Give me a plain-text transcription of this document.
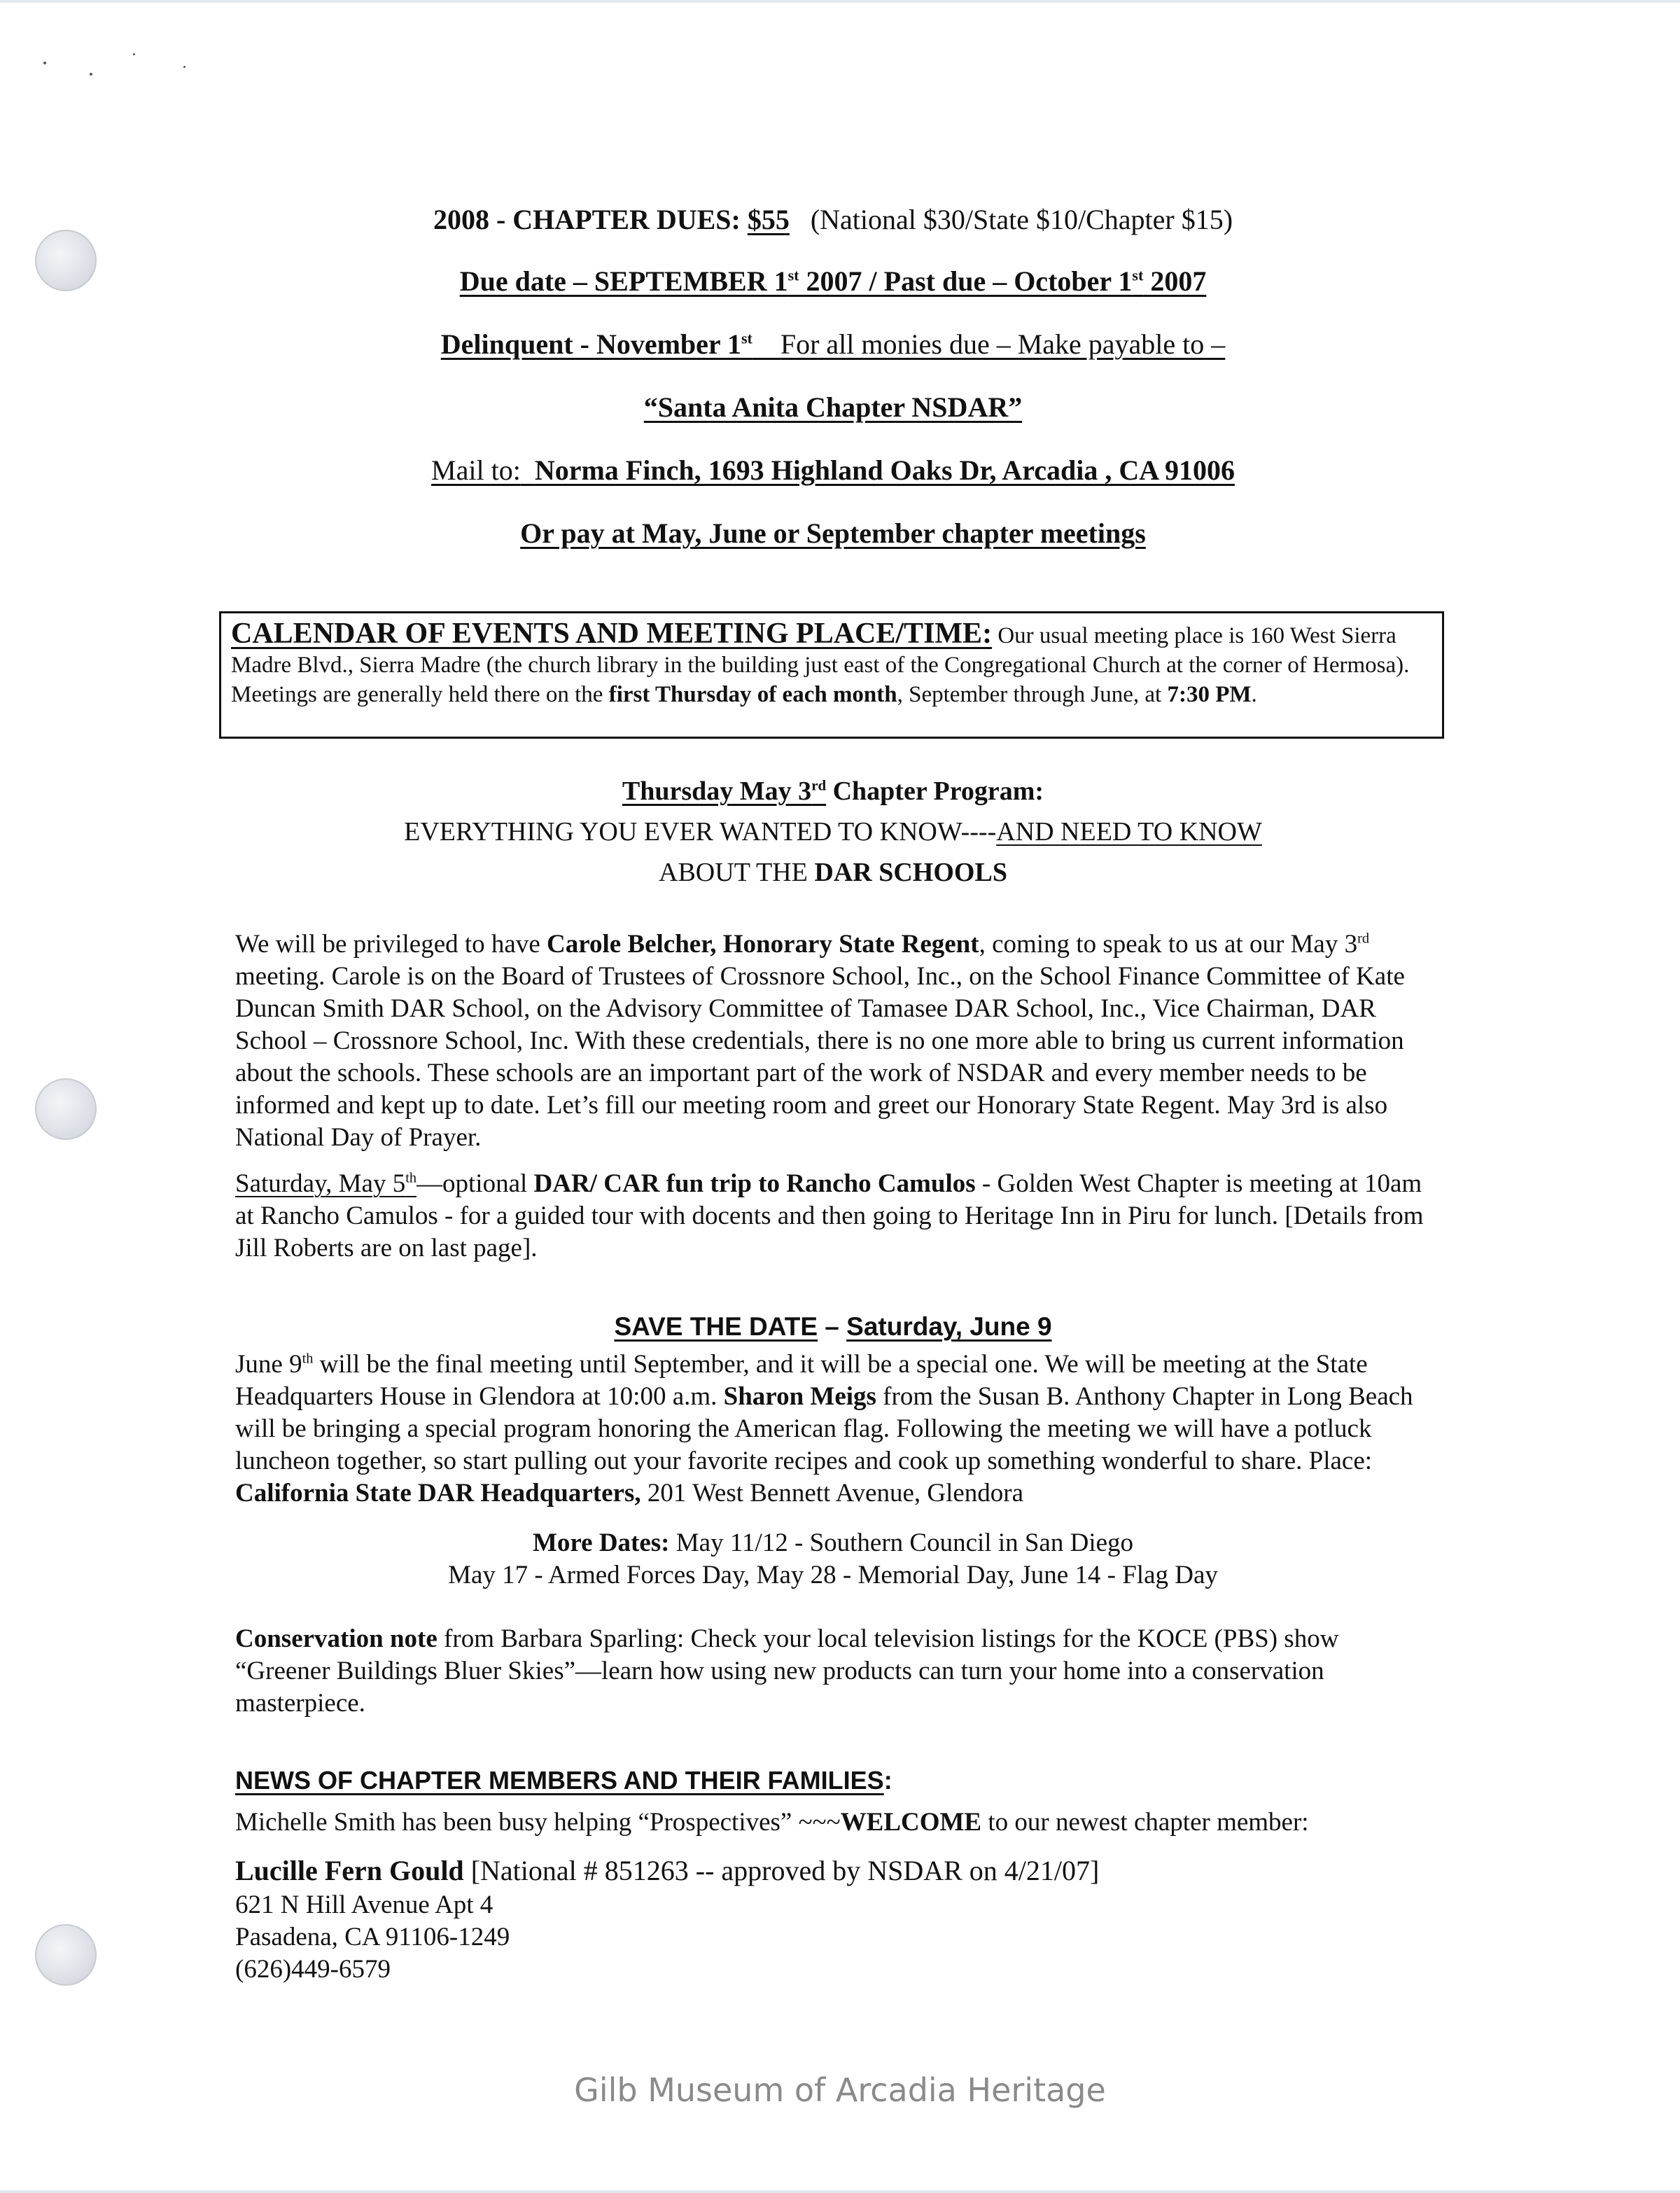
2008 - CHAPTER DUES: $55 (National $30/State $10/Chapter $15)
Due date – SEPTEMBER 1st 2007 / Past due – October 1st 2007
Delinquent - November 1st For all monies due – Make payable to –
“Santa Anita Chapter NSDAR”
Mail to: Norma Finch, 1693 Highland Oaks Dr, Arcadia , CA 91006
Or pay at May, June or September chapter meetings
CALENDAR OF EVENTS AND MEETING PLACE/TIME: Our usual meeting place is 160 West Sierra Madre Blvd., Sierra Madre (the church library in the building just east of the Congregational Church at the corner of Hermosa). Meetings are generally held there on the first Thursday of each month, September through June, at 7:30 PM.
Thursday May 3rd Chapter Program:
EVERYTHING YOU EVER WANTED TO KNOW----AND NEED TO KNOW
ABOUT THE DAR SCHOOLS
We will be privileged to have Carole Belcher, Honorary State Regent, coming to speak to us at our May 3rd meeting. Carole is on the Board of Trustees of Crossnore School, Inc., on the School Finance Committee of Kate Duncan Smith DAR School, on the Advisory Committee of Tamasee DAR School, Inc., Vice Chairman, DAR School – Crossnore School, Inc. With these credentials, there is no one more able to bring us current information about the schools. These schools are an important part of the work of NSDAR and every member needs to be informed and kept up to date. Let’s fill our meeting room and greet our Honorary State Regent. May 3rd is also National Day of Prayer.
Saturday, May 5th—optional DAR/ CAR fun trip to Rancho Camulos - Golden West Chapter is meeting at 10am at Rancho Camulos - for a guided tour with docents and then going to Heritage Inn in Piru for lunch. [Details from Jill Roberts are on last page].
SAVE THE DATE – Saturday, June 9
June 9th will be the final meeting until September, and it will be a special one. We will be meeting at the State Headquarters House in Glendora at 10:00 a.m. Sharon Meigs from the Susan B. Anthony Chapter in Long Beach will be bringing a special program honoring the American flag. Following the meeting we will have a potluck luncheon together, so start pulling out your favorite recipes and cook up something wonderful to share. Place: California State DAR Headquarters, 201 West Bennett Avenue, Glendora
More Dates: May 11/12 - Southern Council in San Diego
May 17 - Armed Forces Day, May 28 - Memorial Day, June 14 - Flag Day
Conservation note from Barbara Sparling: Check your local television listings for the KOCE (PBS) show “Greener Buildings Bluer Skies”—learn how using new products can turn your home into a conservation masterpiece.
NEWS OF CHAPTER MEMBERS AND THEIR FAMILIES:
Michelle Smith has been busy helping “Prospectives” ~~~WELCOME to our newest chapter member:
Lucille Fern Gould [National # 851263 -- approved by NSDAR on 4/21/07]
621 N Hill Avenue Apt 4
Pasadena, CA 91106-1249
(626)449-6579
Gilb Museum of Arcadia Heritage
